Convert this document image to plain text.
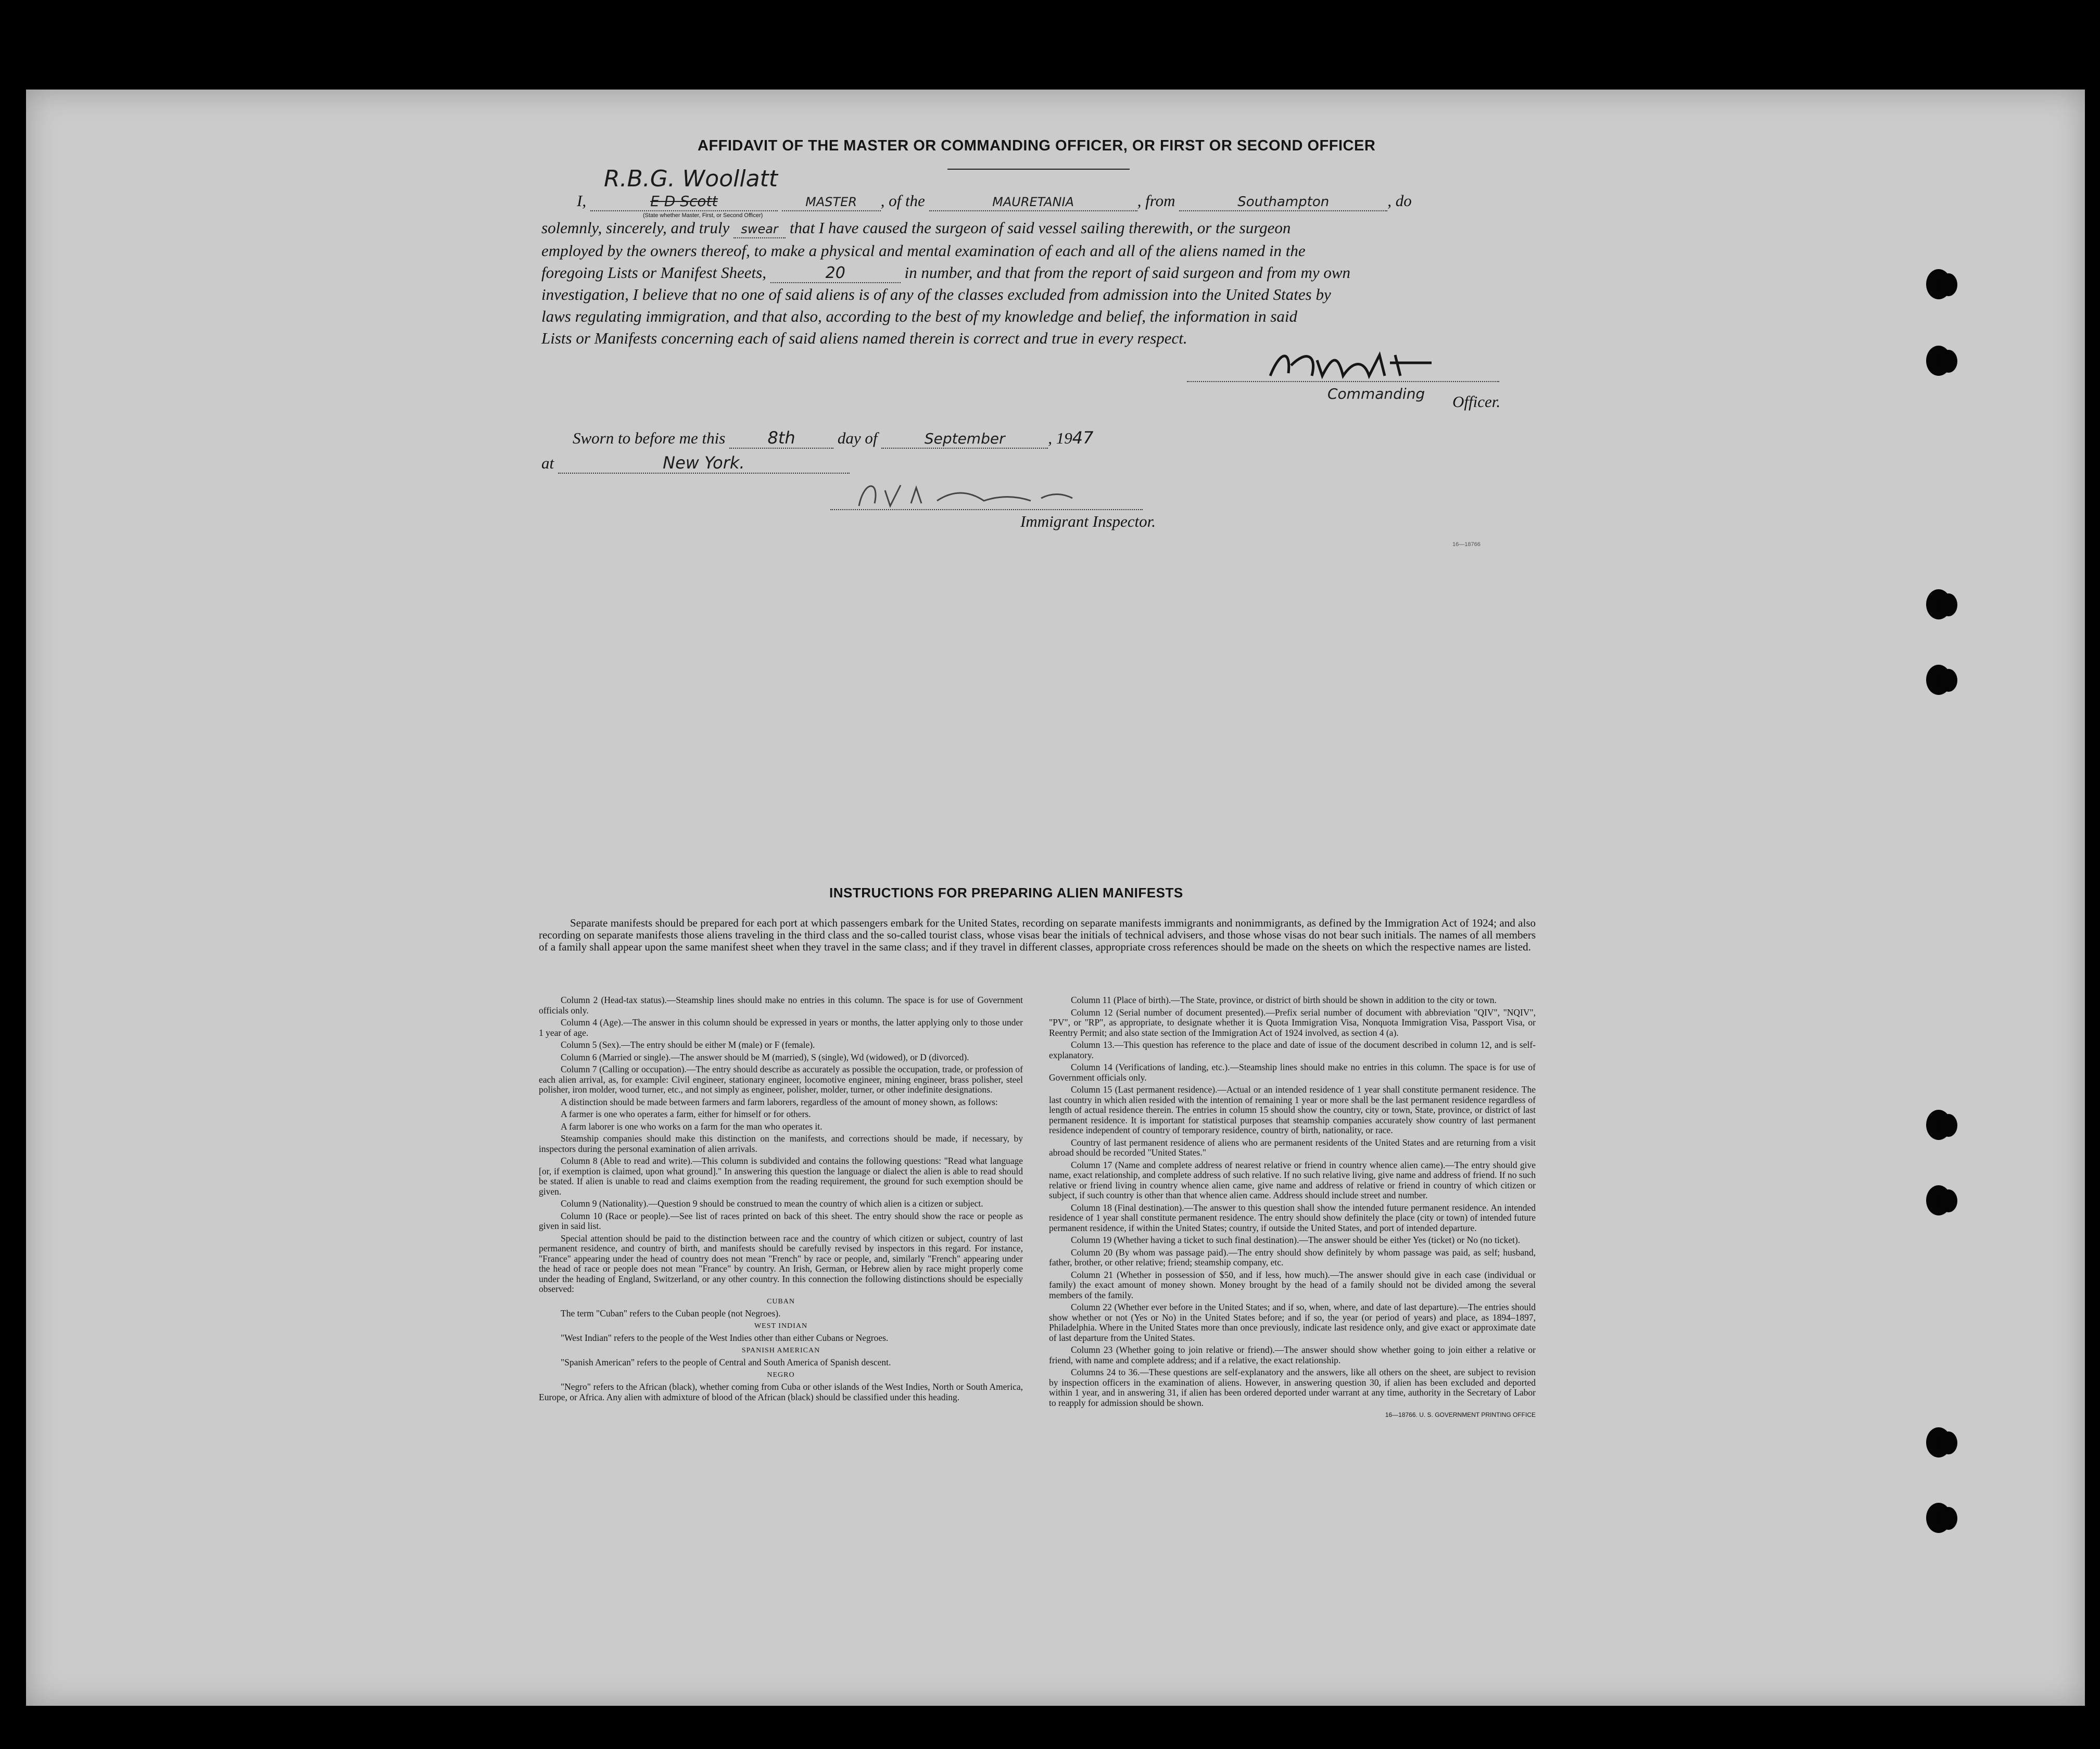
AFFIDAVIT OF THE MASTER OR COMMANDING OFFICER, OR FIRST OR SECOND OFFICER
R.B.G. Woollatt
I,	E D Scott	MASTER , of the	MAURETANIA	, from	Southampton	, do
(State whether Master, First, or Second Officer)
solemnly, sincerely, and truly swear that I have caused the surgeon of said vessel sailing therewith, or the surgeon
employed by the owners thereof, to make a physical and mental examination of each and all of the aliens named in the
foregoing Lists or Manifest Sheets,	20	in number, and that from the report of said surgeon and from my own
investigation, I believe that no one of said aliens is of any of the classes excluded from admission into the United States by
laws regulating immigration, and that also, according to the best of my knowledge and belief, the information in said
Lists or Manifests concerning each of said aliens named therein is correct and true in every respect.
Commanding Officer.
Sworn to before me this	8th	day of	September	, 1947
at	New York.
Immigrant Inspector.
16—18766
INSTRUCTIONS FOR PREPARING ALIEN MANIFESTS
Separate manifests should be prepared for each port at which passengers embark for the United States, recording on separate manifests immigrants and nonimmigrants, as defined by the Immigration Act of 1924; and also recording on separate manifests those aliens traveling in the third class and the so-called tourist class, whose visas bear the initials of technical advisers, and those whose visas do not bear such initials. The names of all members of a family shall appear upon the same manifest sheet when they travel in the same class; and if they travel in different classes, appropriate cross references should be made on the sheets on which the respective names are listed.

Column 2 (Head-tax status).—Steamship lines should make no entries in this column. The space is for use of Government officials only.

Column 4 (Age).—The answer in this column should be expressed in years or months, the latter applying only to those under 1 year of age.

Column 5 (Sex).—The entry should be either M (male) or F (female).

Column 6 (Married or single).—The answer should be M (married), S (single), Wd (widowed), or D (divorced).

Column 7 (Calling or occupation).—The entry should describe as accurately as possible the occupation, trade, or profession of each alien arrival, as, for example: Civil engineer, stationary engineer, locomotive engineer, mining engineer, brass polisher, steel polisher, iron molder, wood turner, etc., and not simply as engineer, polisher, molder, turner, or other indefinite designations.

A distinction should be made between farmers and farm laborers, regardless of the amount of money shown, as follows:

A farmer is one who operates a farm, either for himself or for others.

A farm laborer is one who works on a farm for the man who operates it.

Steamship companies should make this distinction on the manifests, and corrections should be made, if necessary, by inspectors during the personal examination of alien arrivals.

Column 8 (Able to read and write).—This column is subdivided and contains the following questions: "Read what language [or, if exemption is claimed, upon what ground]." In answering this question the language or dialect the alien is able to read should be stated. If alien is unable to read and claims exemption from the reading requirement, the ground for such exemption should be given.

Column 9 (Nationality).—Question 9 should be construed to mean the country of which alien is a citizen or subject.

Column 10 (Race or people).—See list of races printed on back of this sheet. The entry should show the race or people as given in said list.

Special attention should be paid to the distinction between race and the country of which citizen or subject, country of last permanent residence, and country of birth, and manifests should be carefully revised by inspectors in this regard. For instance, "France" appearing under the head of country does not mean "French" by race or people, and, similarly "French" appearing under the head of race or people does not mean "France" by country. An Irish, German, or Hebrew alien by race might properly come under the heading of England, Switzerland, or any other country. In this connection the following distinctions should be especially observed:

CUBAN

The term "Cuban" refers to the Cuban people (not Negroes).

WEST INDIAN

"West Indian" refers to the people of the West Indies other than either Cubans or Negroes.

SPANISH AMERICAN

"Spanish American" refers to the people of Central and South America of Spanish descent.

NEGRO

"Negro" refers to the African (black), whether coming from Cuba or other islands of the West Indies, North or South America, Europe, or Africa. Any alien with admixture of blood of the African (black) should be classified under this heading.

Column 11 (Place of birth).—The State, province, or district of birth should be shown in addition to the city or town.

Column 12 (Serial number of document presented).—Prefix serial number of document with abbreviation "QIV", "NQIV", "PV", or "RP", as appropriate, to designate whether it is Quota Immigration Visa, Nonquota Immigration Visa, Passport Visa, or Reentry Permit; and also state section of the Immigration Act of 1924 involved, as section 4 (a).

Column 13.—This question has reference to the place and date of issue of the document described in column 12, and is self-explanatory.

Column 14 (Verifications of landing, etc.).—Steamship lines should make no entries in this column. The space is for use of Government officials only.

Column 15 (Last permanent residence).—Actual or an intended residence of 1 year shall constitute permanent residence. The last country in which alien resided with the intention of remaining 1 year or more shall be the last permanent residence regardless of length of actual residence therein. The entries in column 15 should show the country, city or town, State, province, or district of last permanent residence. It is important for statistical purposes that steamship companies accurately show country of last permanent residence independent of country of temporary residence, country of birth, nationality, or race.

Country of last permanent residence of aliens who are permanent residents of the United States and are returning from a visit abroad should be recorded "United States."

Column 17 (Name and complete address of nearest relative or friend in country whence alien came).—The entry should give name, exact relationship, and complete address of such relative. If no such relative living, give name and address of friend. If no such relative or friend living in country whence alien came, give name and address of relative or friend in country of which citizen or subject, if such country is other than that whence alien came. Address should include street and number.

Column 18 (Final destination).—The answer to this question shall show the intended future permanent residence. An intended residence of 1 year shall constitute permanent residence. The entry should show definitely the place (city or town) of intended future permanent residence, if within the United States; country, if outside the United States, and port of intended departure.

Column 19 (Whether having a ticket to such final destination).—The answer should be either Yes (ticket) or No (no ticket).

Column 20 (By whom was passage paid).—The entry should show definitely by whom passage was paid, as self; husband, father, brother, or other relative; friend; steamship company, etc.

Column 21 (Whether in possession of $50, and if less, how much).—The answer should give in each case (individual or family) the exact amount of money shown. Money brought by the head of a family should not be divided among the several members of the family.

Column 22 (Whether ever before in the United States; and if so, when, where, and date of last departure).—The entries should show whether or not (Yes or No) in the United States before; and if so, the year (or period of years) and place, as 1894–1897, Philadelphia. Where in the United States more than once previously, indicate last residence only, and give exact or approximate date of last departure from the United States.

Column 23 (Whether going to join relative or friend).—The answer should show whether going to join either a relative or friend, with name and complete address; and if a relative, the exact relationship.

Columns 24 to 36.—These questions are self-explanatory and the answers, like all others on the sheet, are subject to revision by inspection officers in the examination of aliens. However, in answering question 30, if alien has been excluded and deported within 1 year, and in answering 31, if alien has been ordered deported under warrant at any time, authority in the Secretary of Labor to reapply for admission should be shown.

16—18766. U. S. GOVERNMENT PRINTING OFFICE
